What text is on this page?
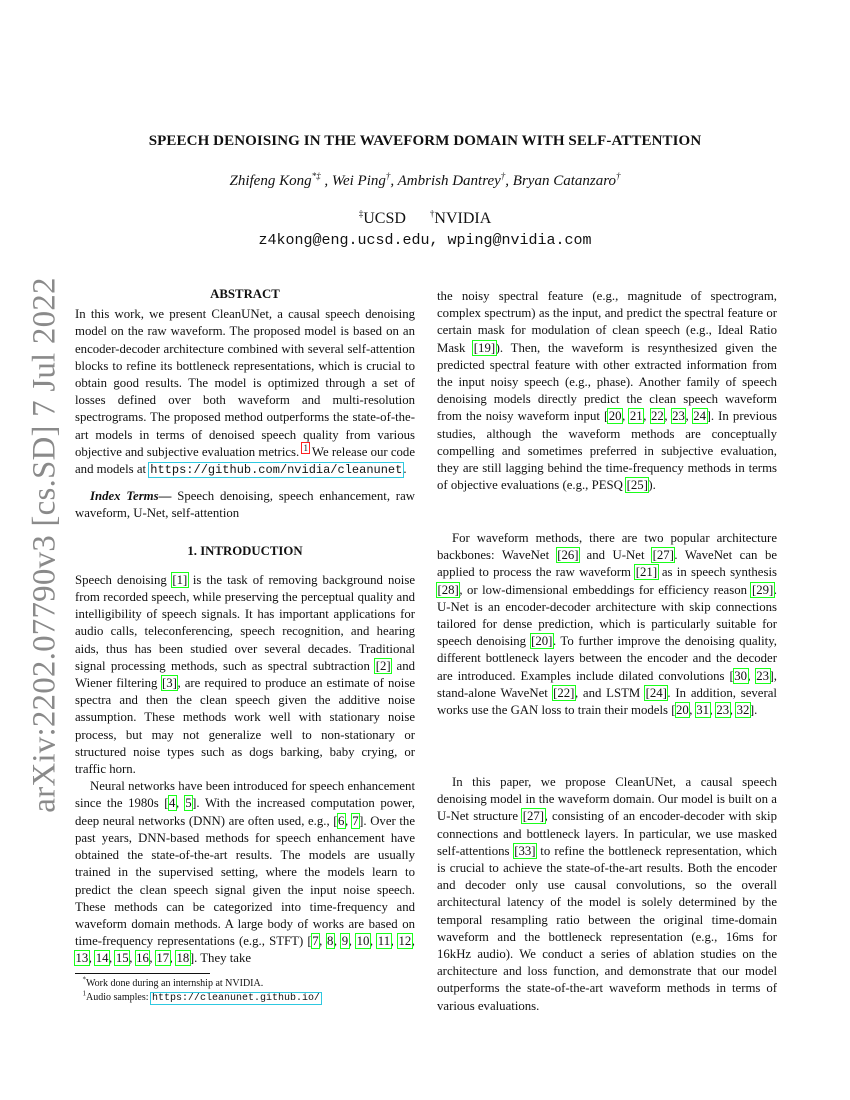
arXiv:2202.07790v3 [cs.SD] 7 Jul 2022
SPEECH DENOISING IN THE WAVEFORM DOMAIN WITH SELF-ATTENTION
Zhifeng Kong*‡ , Wei Ping†, Ambrish Dantrey†, Bryan Catanzaro†
‡UCSD	†NVIDIA
z4kong@eng.ucsd.edu, wping@nvidia.com

ABSTRACT

In this work, we present CleanUNet, a causal speech denoising model on the raw waveform. The proposed model is based on an encoder-decoder architecture combined with several self-attention blocks to refine its bottleneck representations, which is crucial to obtain good results. The model is optimized through a set of losses defined over both waveform and multi-resolution spectrograms. The proposed method outperforms the state-of-the-art models in terms of denoised speech quality from various objective and subjective evaluation metrics. $^1$ We release our code and models at https://github.com/nvidia/cleanunet.

Index Terms— Speech denoising, speech enhancement, raw waveform, U-Net, self-attention

1. INTRODUCTION

Speech denoising [1] is the task of removing background noise from recorded speech, while preserving the perceptual quality and intelligibility of speech signals. It has important applications for audio calls, teleconferencing, speech recognition, and hearing aids, thus has been studied over several decades. Traditional signal processing methods, such as spectral subtraction [2] and Wiener filtering [3], are required to produce an estimate of noise spectra and then the clean speech given the additive noise assumption. These methods work well with stationary noise process, but may not generalize well to non-stationary or structured noise types such as dogs barking, baby crying, or traffic horn.

Neural networks have been introduced for speech enhancement since the 1980s [4, 5]. With the increased computation power, deep neural networks (DNN) are often used, e.g., [6, 7]. Over the past years, DNN-based methods for speech enhancement have obtained the state-of-the-art results. The models are usually trained in the supervised setting, where the models learn to predict the clean speech signal given the input noise speech. These methods can be categorized into time-frequency and waveform domain methods. A large body of works are based on time-frequency representations (e.g., STFT) [7, 8, 9, 10, 11, 12, 13, 14, 15, 16, 17, 18]. They take

*Work done during an internship at NVIDIA.
$^1$Audio samples: https://cleanunet.github.io/

the noisy spectral feature (e.g., magnitude of spectrogram, complex spectrum) as the input, and predict the spectral feature or certain mask for modulation of clean speech (e.g., Ideal Ratio Mask [19]). Then, the waveform is resynthesized given the predicted spectral feature with other extracted information from the input noisy speech (e.g., phase). Another family of speech denoising models directly predict the clean speech waveform from the noisy waveform input [20, 21, 22, 23, 24]. In previous studies, although the waveform methods are conceptually compelling and sometimes preferred in subjective evaluation, they are still lagging behind the time-frequency methods in terms of objective evaluations (e.g., PESQ [25]).

For waveform methods, there are two popular architecture backbones: WaveNet [26] and U-Net [27]. WaveNet can be applied to process the raw waveform [21] as in speech synthesis [28], or low-dimensional embeddings for efficiency reason [29]. U-Net is an encoder-decoder architecture with skip connections tailored for dense prediction, which is particularly suitable for speech denoising [20]. To further improve the denoising quality, different bottleneck layers between the encoder and the decoder are introduced. Examples include dilated convolutions [30, 23], stand-alone WaveNet [22], and LSTM [24]. In addition, several works use the GAN loss to train their models [20, 31, 23, 32].

In this paper, we propose CleanUNet, a causal speech denoising model in the waveform domain. Our model is built on a U-Net structure [27], consisting of an encoder-decoder with skip connections and bottleneck layers. In particular, we use masked self-attentions [33] to refine the bottleneck representation, which is crucial to achieve the state-of-the-art results. Both the encoder and decoder only use causal convolutions, so the overall architectural latency of the model is solely determined by the temporal resampling ratio between the original time-domain waveform and the bottleneck representation (e.g., 16ms for 16kHz audio). We conduct a series of ablation studies on the architecture and loss function, and demonstrate that our model outperforms the state-of-the-art waveform methods in terms of various evaluations.
